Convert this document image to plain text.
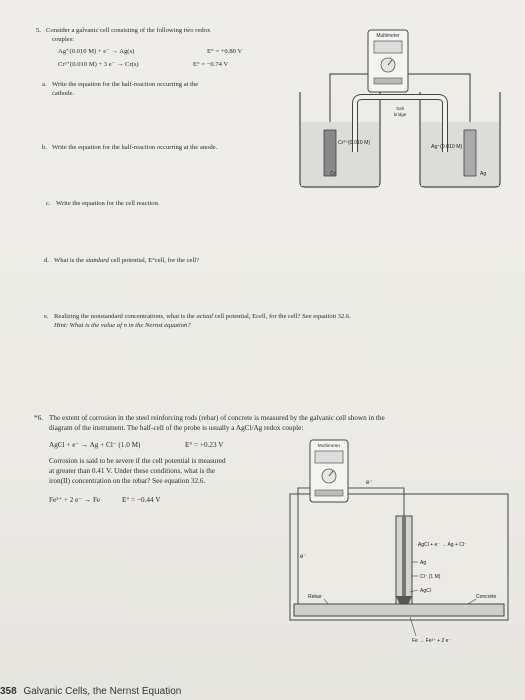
5. Consider a galvanic cell consisting of the following two redox
couples:
Ag⁺(0.010 M) + e⁻ → Ag(s)	E° = +0.80 V
Cr³⁺(0.010 M) + 3 e⁻ → Cr(s)	E° = −0.74 V
a. Write the equation for the half-reaction occurring at the
cathode.
b. Write the equation for the half-reaction occurring at the anode.
c. Write the equation for the cell reaction.
d. What is the standard cell potential, E°cell, for the cell?
e. Realizing the nonstandard concentrations, what is the actual cell potential, Ecell, for the cell? See equation 32.6.
Hint: What is the value of n in the Nernst equation?
Multimeter
Salt
bridge
Cr³⁺(0.010 M)
Ag⁺(0.010 M)
Cr	Ag
*6. The extent of corrosion in the steel reinforcing rods (rebar) of concrete is measured by the galvanic cell shown in the
diagram of the instrument. The half-cell of the probe is usually a AgCl/Ag redox couple:
AgCl + e⁻ → Ag + Cl⁻ (1.0 M)	E° = +0.23 V
Corrosion is said to be severe if the cell potential is measured
at greater than 0.41 V. Under these conditions, what is the
iron(II) concentration on the rebar? See equation 32.6.
Fe²⁺ + 2 e⁻ → Fe	E° = −0.44 V
Multimeter
e⁻
e⁻
AgCl + e⁻ → Ag + Cl⁻
Ag
Cl⁻ (1 M)
AgCl
Rebar	Concrete
Fe → Fe²⁺ + 2 e⁻
358 Galvanic Cells, the Nernst Equation
